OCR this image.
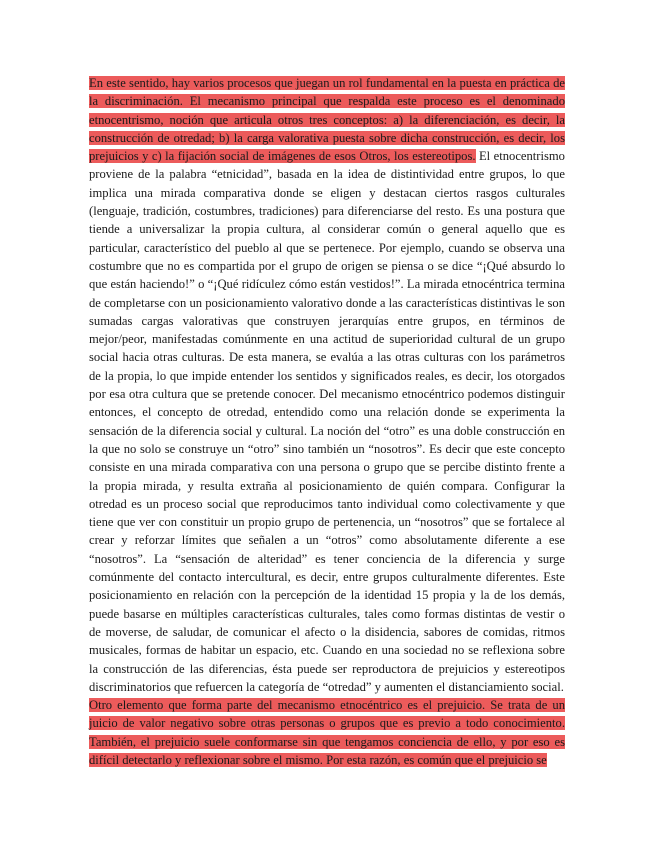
En este sentido, hay varios procesos que juegan un rol fundamental en la puesta en práctica de la discriminación. El mecanismo principal que respalda este proceso es el denominado etnocentrismo, noción que articula otros tres conceptos: a) la diferenciación, es decir, la construcción de otredad; b) la carga valorativa puesta sobre dicha construcción, es decir, los prejuicios y c) la fijación social de imágenes de esos Otros, los estereotipos. El etnocentrismo proviene de la palabra “etnicidad”, basada en la idea de distintividad entre grupos, lo que implica una mirada comparativa donde se eligen y destacan ciertos rasgos culturales (lenguaje, tradición, costumbres, tradiciones) para diferenciarse del resto. Es una postura que tiende a universalizar la propia cultura, al considerar común o general aquello que es particular, característico del pueblo al que se pertenece. Por ejemplo, cuando se observa una costumbre que no es compartida por el grupo de origen se piensa o se dice “¡Qué absurdo lo que están haciendo!” o “¡Qué ridículez cómo están vestidos!”. La mirada etnocéntrica termina de completarse con un posicionamiento valorativo donde a las características distintivas le son sumadas cargas valorativas que construyen jerarquías entre grupos, en términos de mejor/peor, manifestadas comúnmente en una actitud de superioridad cultural de un grupo social hacia otras culturas. De esta manera, se evalúa a las otras culturas con los parámetros de la propia, lo que impide entender los sentidos y significados reales, es decir, los otorgados por esa otra cultura que se pretende conocer. Del mecanismo etnocéntrico podemos distinguir entonces, el concepto de otredad, entendido como una relación donde se experimenta la sensación de la diferencia social y cultural. La noción del “otro” es una doble construcción en la que no solo se construye un “otro” sino también un “nosotros”. Es decir que este concepto consiste en una mirada comparativa con una persona o grupo que se percibe distinto frente a la propia mirada, y resulta extraña al posicionamiento de quién compara. Configurar la otredad es un proceso social que reproducimos tanto individual como colectivamente y que tiene que ver con constituir un propio grupo de pertenencia, un “nosotros” que se fortalece al crear y reforzar límites que señalen a un “otros” como absolutamente diferente a ese “nosotros”. La “sensación de alteridad” es tener conciencia de la diferencia y surge comúnmente del contacto intercultural, es decir, entre grupos culturalmente diferentes. Este posicionamiento en relación con la percepción de la identidad 15 propia y la de los demás, puede basarse en múltiples características culturales, tales como formas distintas de vestir o de moverse, de saludar, de comunicar el afecto o la disidencia, sabores de comidas, ritmos musicales, formas de habitar un espacio, etc. Cuando en una sociedad no se reflexiona sobre la construcción de las diferencias, ésta puede ser reproductora de prejuicios y estereotipos discriminatorios que refuercen la categoría de “otredad” y aumenten el distanciamiento social.

Otro elemento que forma parte del mecanismo etnocéntrico es el prejuicio. Se trata de un juicio de valor negativo sobre otras personas o grupos que es previo a todo conocimiento. También, el prejuicio suele conformarse sin que tengamos conciencia de ello, y por eso es difícil detectarlo y reflexionar sobre el mismo. Por esta razón, es común que el prejuicio se
